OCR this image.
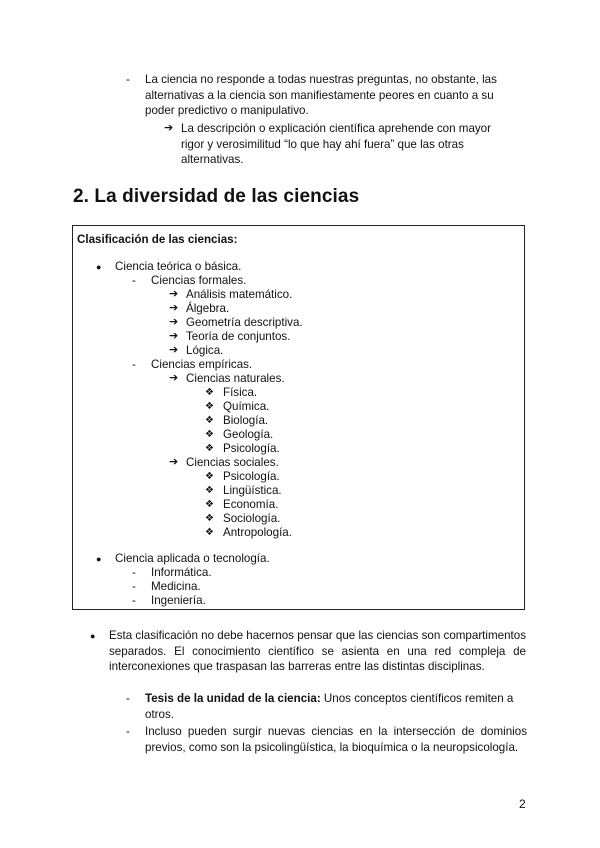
-	La ciencia no responde a todas nuestras preguntas, no obstante, las alternativas a la ciencia son manifiestamente peores en cuanto a su poder predictivo o manipulativo.
➔ La descripción o explicación científica aprehende con mayor rigor y verosimilitud “lo que hay ahí fuera” que las otras alternativas.
2. La diversidad de las ciencias
Clasificación de las ciencias:
● Ciencia teórica o básica.
-	Ciencias formales.
➔ Análisis matemático.
➔ Álgebra.
➔ Geometría descriptiva.
➔ Teoría de conjuntos.
➔ Lógica.
-	Ciencias empíricas.
➔ Ciencias naturales.
❖ Física.
❖ Química.
❖ Biología.
❖ Geología.
❖ Psicología.
➔ Ciencias sociales.
❖ Psicología.
❖ Lingüística.
❖ Economía.
❖ Sociología.
❖ Antropología.
● Ciencia aplicada o tecnología.
-	Informática.
-	Medicina.
-	Ingeniería.
● Esta clasificación no debe hacernos pensar que las ciencias son compartimentos separados. El conocimiento científico se asienta en una red compleja de interconexiones que traspasan las barreras entre las distintas disciplinas.
-	Tesis de la unidad de la ciencia: Unos conceptos científicos remiten a otros.
-	Incluso pueden surgir nuevas ciencias en la intersección de dominios previos, como son la psicolingüística, la bioquímica o la neuropsicología.
2
